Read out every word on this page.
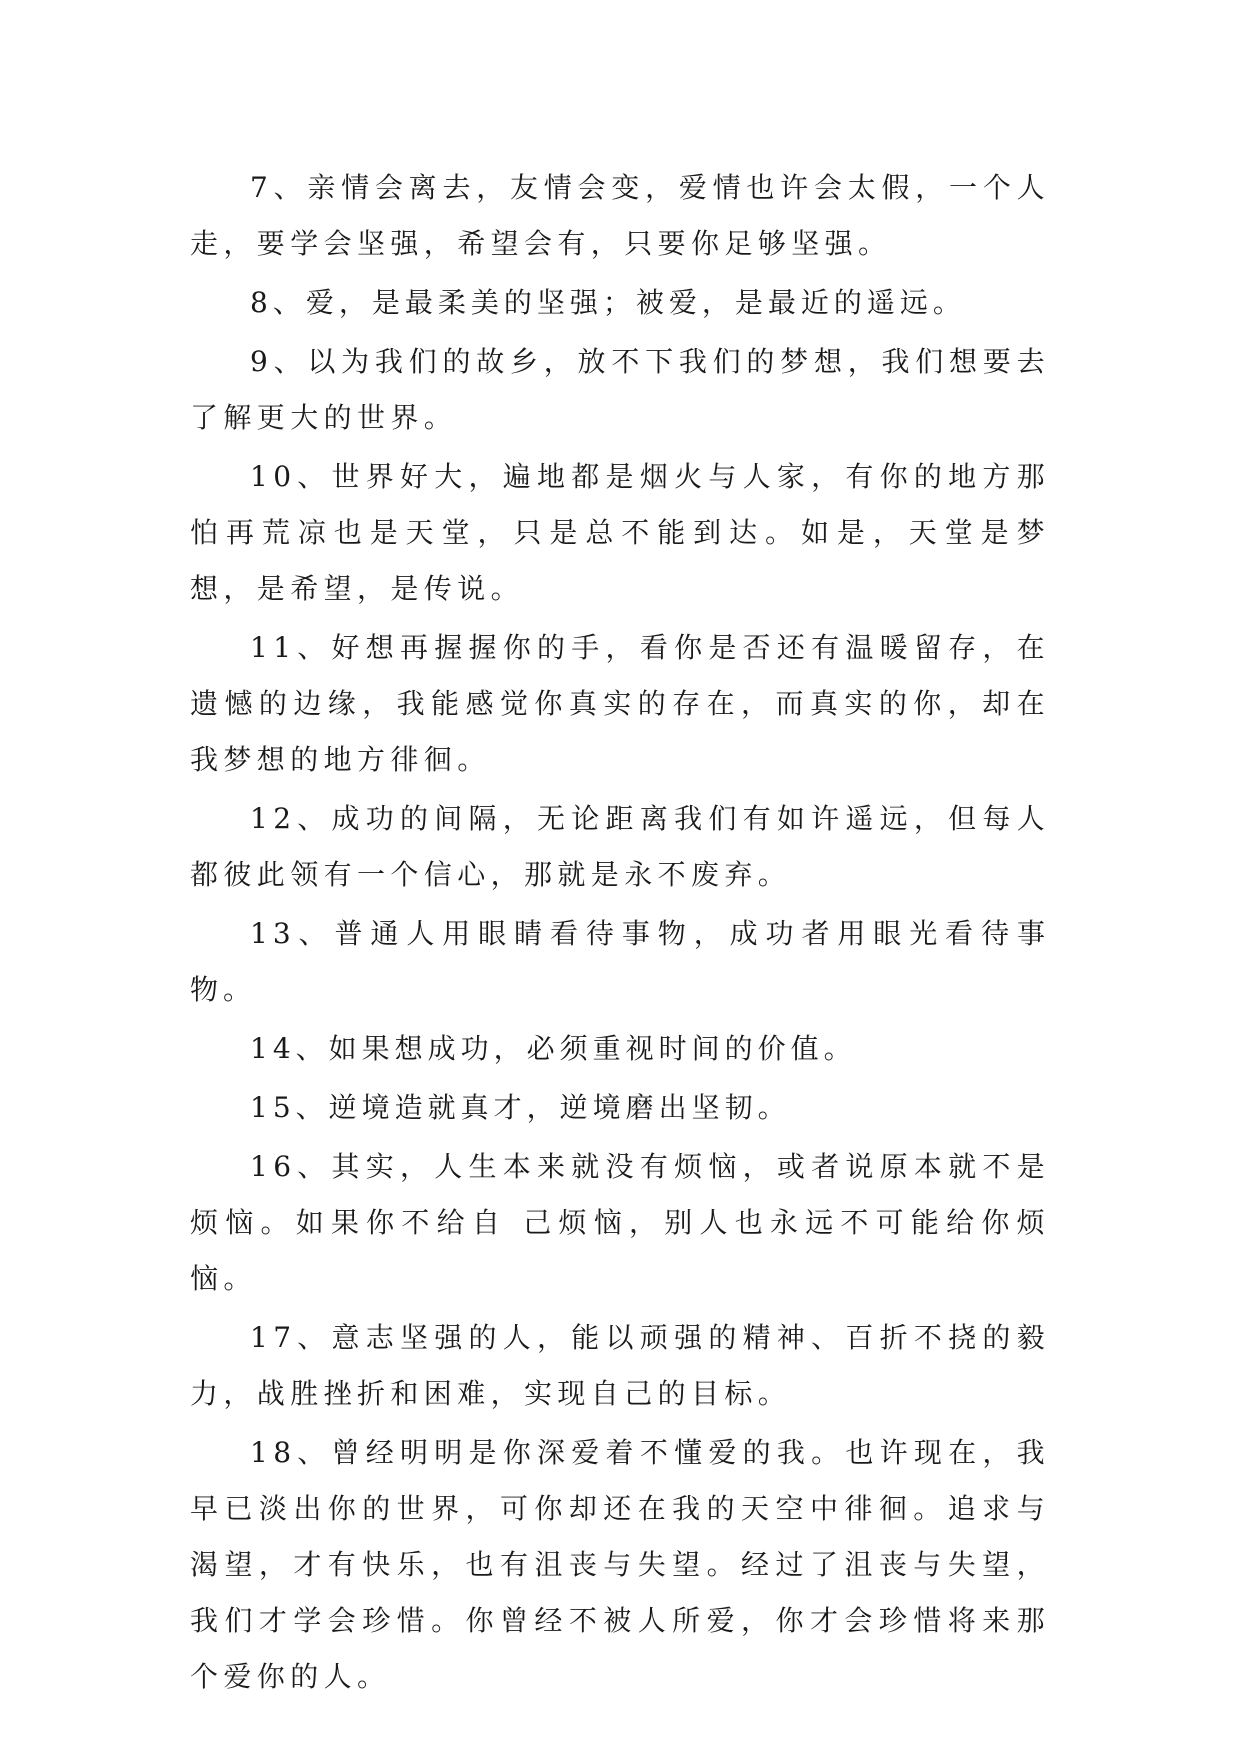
7、亲情会离去，友情会变，爱情也许会太假，一个人走，要学会坚强，希望会有，只要你足够坚强。

8、爱，是最柔美的坚强；被爱，是最近的遥远。

9、以为我们的故乡，放不下我们的梦想，我们想要去了解更大的世界。

10、世界好大，遍地都是烟火与人家，有你的地方那怕再荒凉也是天堂，只是总不能到达。如是，天堂是梦想，是希望，是传说。

11、好想再握握你的手，看你是否还有温暖留存，在遗憾的边缘，我能感觉你真实的存在，而真实的你，却在我梦想的地方徘徊。

12、成功的间隔，无论距离我们有如许遥远，但每人都彼此领有一个信心，那就是永不废弃。

13、普通人用眼睛看待事物，成功者用眼光看待事物。

14、如果想成功，必须重视时间的价值。

15、逆境造就真才，逆境磨出坚韧。

16、其实，人生本来就没有烦恼，或者说原本就不是烦恼。如果你不给自 己烦恼，别人也永远不可能给你烦恼。

17、意志坚强的人，能以顽强的精神、百折不挠的毅力，战胜挫折和困难，实现自己的目标。

18、曾经明明是你深爱着不懂爱的我。也许现在，我早已淡出你的世界，可你却还在我的天空中徘徊。追求与渴望，才有快乐，也有沮丧与失望。经过了沮丧与失望，我们才学会珍惜。你曾经不被人所爱，你才会珍惜将来那个爱你的人。
